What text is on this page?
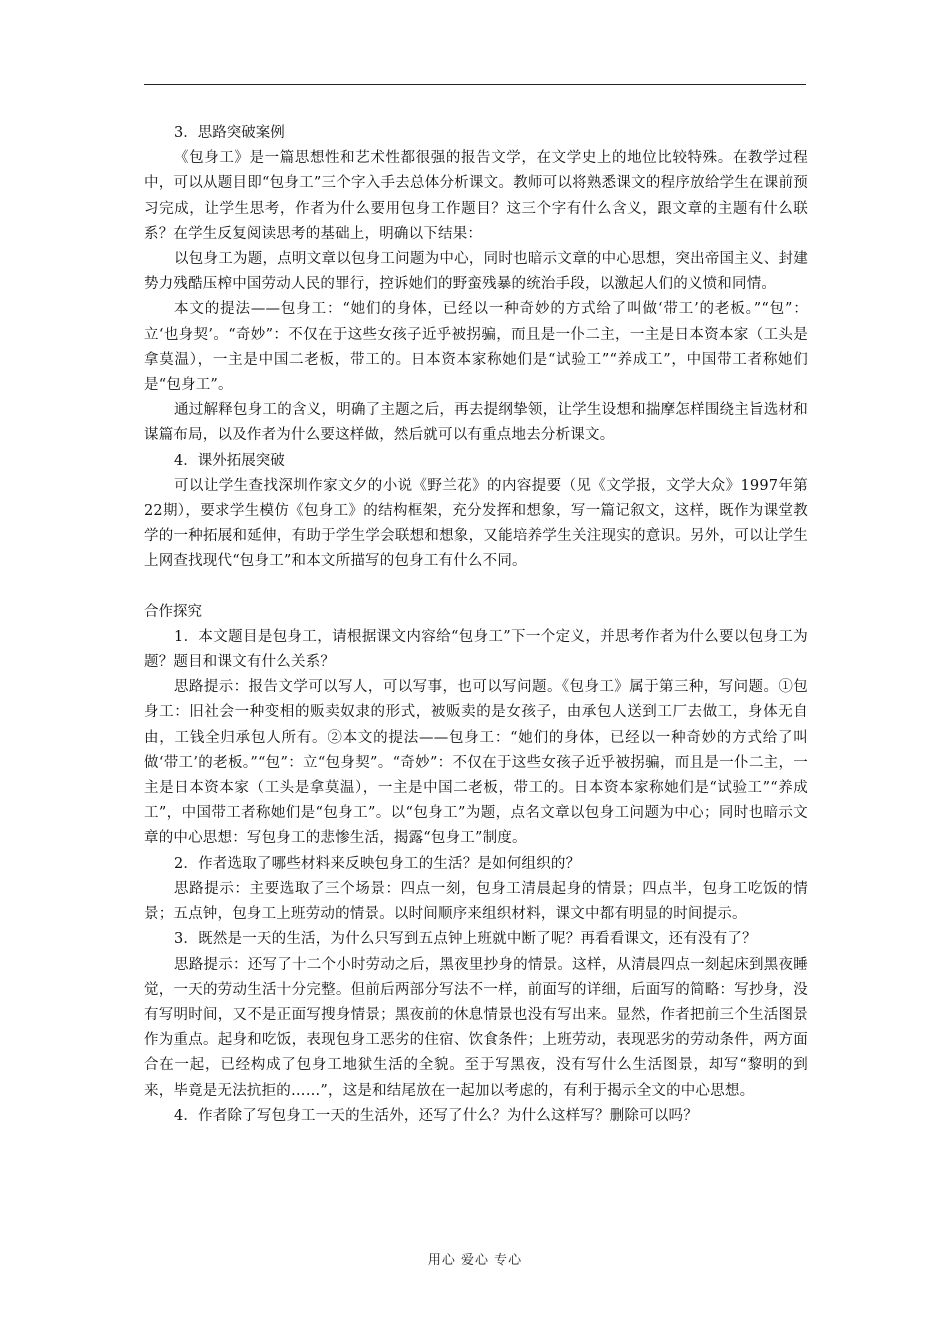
3．思路突破案例

《包身工》是一篇思想性和艺术性都很强的报告文学，在文学史上的地位比较特殊。在教学过程中，可以从题目即“包身工”三个字入手去总体分析课文。教师可以将熟悉课文的程序放给学生在课前预习完成，让学生思考，作者为什么要用包身工作题目？这三个字有什么含义，跟文章的主题有什么联系？在学生反复阅读思考的基础上，明确以下结果：

以包身工为题，点明文章以包身工问题为中心，同时也暗示文章的中心思想，突出帝国主义、封建势力残酷压榨中国劳动人民的罪行，控诉她们的野蛮残暴的统治手段，以激起人们的义愤和同情。

本文的提法——包身工：“她们的身体，已经以一种奇妙的方式给了叫做‘带工’的老板。”“包”：立‘也身契’。“奇妙”：不仅在于这些女孩子近乎被拐骗，而且是一仆二主，一主是日本资本家（工头是拿莫温），一主是中国二老板，带工的。日本资本家称她们是“试验工”“养成工”，中国带工者称她们是“包身工”。

通过解释包身工的含义，明确了主题之后，再去提纲挚领，让学生设想和揣摩怎样围绕主旨选材和谋篇布局，以及作者为什么要这样做，然后就可以有重点地去分析课文。

4．课外拓展突破

可以让学生查找深圳作家文夕的小说《野兰花》的内容提要（见《文学报，文学大众》1997年第22期），要求学生模仿《包身工》的结构框架，充分发挥和想象，写一篇记叙文，这样，既作为课堂教学的一种拓展和延伸，有助于学生学会联想和想象，又能培养学生关注现实的意识。另外，可以让学生上网查找现代“包身工”和本文所描写的包身工有什么不同。

合作探究

1．本文题目是包身工，请根据课文内容给“包身工”下一个定义，并思考作者为什么要以包身工为题？题目和课文有什么关系？

思路提示：报告文学可以写人，可以写事，也可以写问题。《包身工》属于第三种，写问题。①包身工：旧社会一种变相的贩卖奴隶的形式，被贩卖的是女孩子，由承包人送到工厂去做工，身体无自由，工钱全归承包人所有。②本文的提法——包身工：“她们的身体，已经以一种奇妙的方式给了叫做‘带工’的老板。”“包”：立“包身契”。“奇妙”：不仅在于这些女孩子近乎被拐骗，而且是一仆二主，一主是日本资本家（工头是拿莫温），一主是中国二老板，带工的。日本资本家称她们是“试验工”“养成工”，中国带工者称她们是“包身工”。以“包身工”为题，点名文章以包身工问题为中心；同时也暗示文章的中心思想：写包身工的悲惨生活，揭露“包身工”制度。

2．作者选取了哪些材料来反映包身工的生活？是如何组织的？

思路提示：主要选取了三个场景：四点一刻，包身工清晨起身的情景；四点半，包身工吃饭的情景；五点钟，包身工上班劳动的情景。以时间顺序来组织材料，课文中都有明显的时间提示。

3．既然是一天的生活，为什么只写到五点钟上班就中断了呢？再看看课文，还有没有了？

思路提示：还写了十二个小时劳动之后，黑夜里抄身的情景。这样，从清晨四点一刻起床到黑夜睡觉，一天的劳动生活十分完整。但前后两部分写法不一样，前面写的详细，后面写的简略：写抄身，没有写明时间，又不是正面写搜身情景；黑夜前的休息情景也没有写出来。显然，作者把前三个生活图景作为重点。起身和吃饭，表现包身工恶劣的住宿、饮食条件；上班劳动，表现恶劣的劳动条件，两方面合在一起，已经构成了包身工地狱生活的全貌。至于写黑夜，没有写什么生活图景，却写“黎明的到来，毕竟是无法抗拒的……”，这是和结尾放在一起加以考虑的，有利于揭示全文的中心思想。

4．作者除了写包身工一天的生活外，还写了什么？为什么这样写？删除可以吗？

用心 爱心 专心
